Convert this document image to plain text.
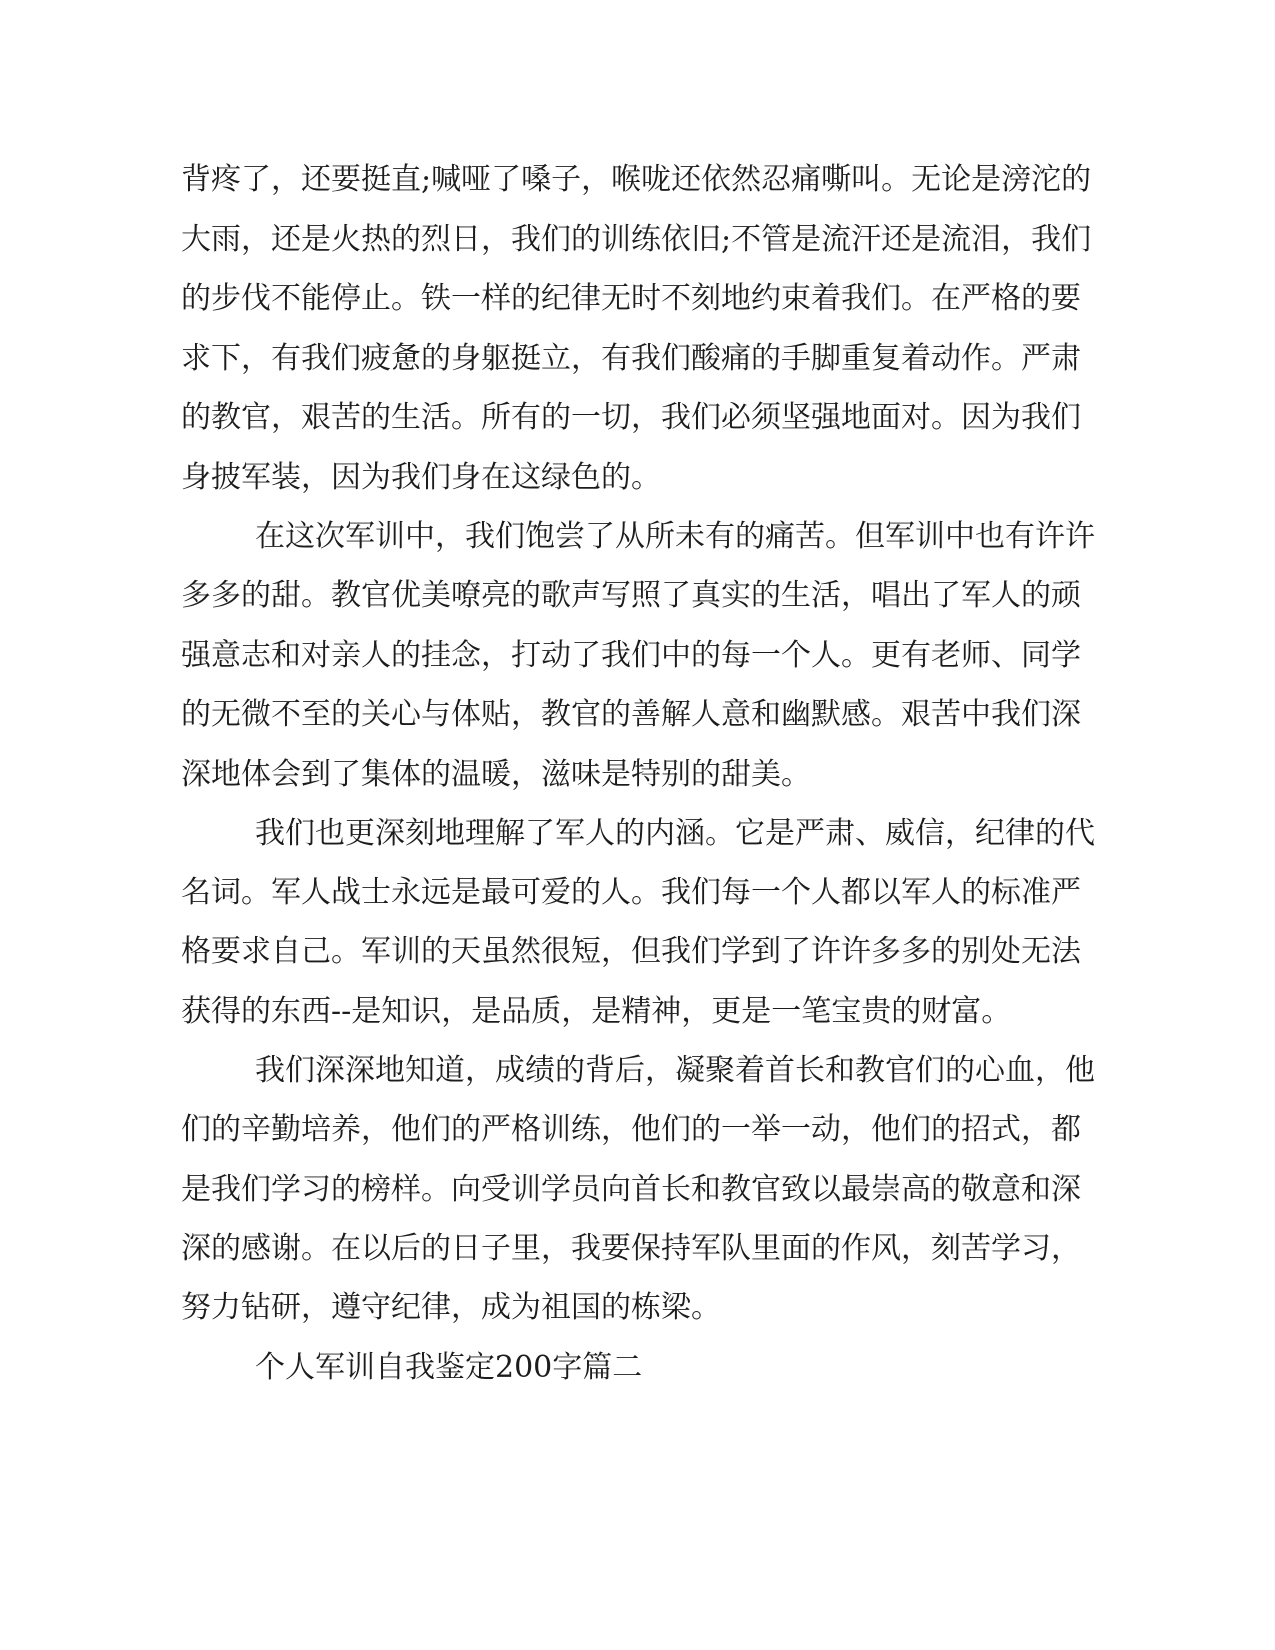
背疼了，还要挺直;喊哑了嗓子，喉咙还依然忍痛嘶叫。无论是滂沱的
大雨，还是火热的烈日，我们的训练依旧;不管是流汗还是流泪，我们
的步伐不能停止。铁一样的纪律无时不刻地约束着我们。在严格的要
求下，有我们疲惫的身躯挺立，有我们酸痛的手脚重复着动作。严肃
的教官，艰苦的生活。所有的一切，我们必须坚强地面对。因为我们
身披军装，因为我们身在这绿色的。
在这次军训中，我们饱尝了从所未有的痛苦。但军训中也有许许
多多的甜。教官优美嘹亮的歌声写照了真实的生活，唱出了军人的顽
强意志和对亲人的挂念，打动了我们中的每一个人。更有老师、同学
的无微不至的关心与体贴，教官的善解人意和幽默感。艰苦中我们深
深地体会到了集体的温暖，滋味是特别的甜美。
我们也更深刻地理解了军人的内涵。它是严肃、威信，纪律的代
名词。军人战士永远是最可爱的人。我们每一个人都以军人的标准严
格要求自己。军训的天虽然很短，但我们学到了许许多多的别处无法
获得的东西--是知识，是品质，是精神，更是一笔宝贵的财富。
我们深深地知道，成绩的背后，凝聚着首长和教官们的心血，他
们的辛勤培养，他们的严格训练，他们的一举一动，他们的招式，都
是我们学习的榜样。向受训学员向首长和教官致以最崇高的敬意和深
深的感谢。在以后的日子里，我要保持军队里面的作风，刻苦学习，
努力钻研，遵守纪律，成为祖国的栋梁。
个人军训自我鉴定200字篇二
